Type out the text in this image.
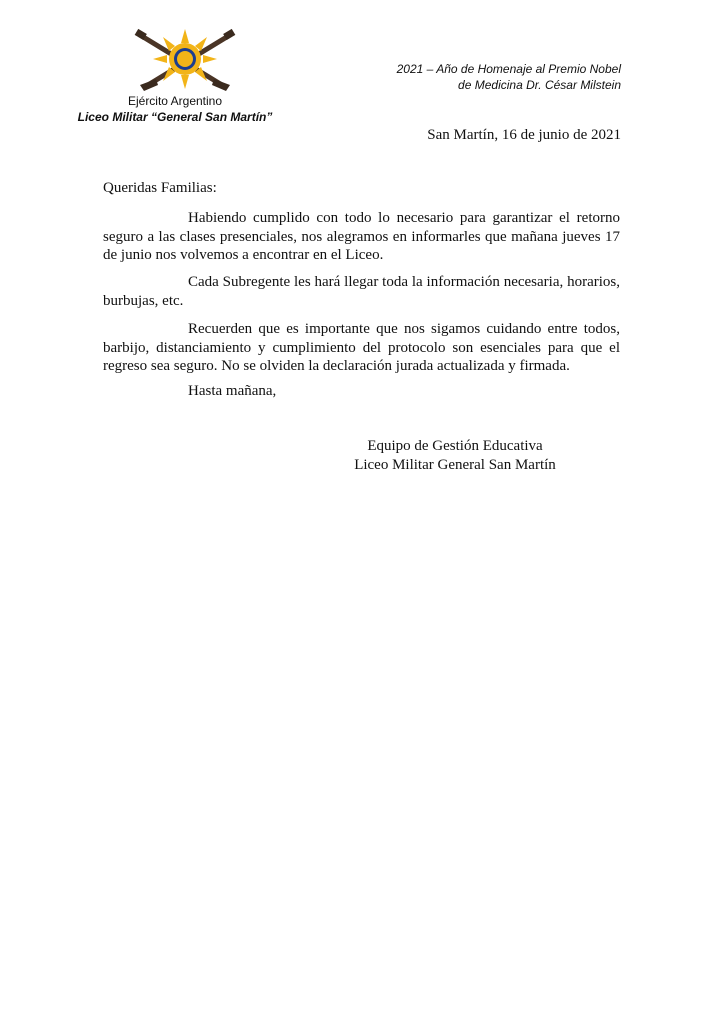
Ejército Argentino
Liceo Militar “General San Martín”
2021 – Año de Homenaje al Premio Nobel
de Medicina Dr. César Milstein
San Martín, 16 de junio de 2021
Queridas Familias:

Habiendo cumplido con todo lo necesario para garantizar el retorno seguro a las clases presenciales, nos alegramos en informarles que mañana jueves 17 de junio nos volvemos a encontrar en el Liceo.

Cada Subregente les hará llegar toda la información necesaria, horarios, burbujas, etc.

Recuerden que es importante que nos sigamos cuidando entre todos, barbijo, distanciamiento y cumplimiento del protocolo son esenciales para que el regreso sea seguro. No se olviden la declaración jurada actualizada y firmada.

Hasta mañana,
Equipo de Gestión Educativa
Liceo Militar General San Martín
